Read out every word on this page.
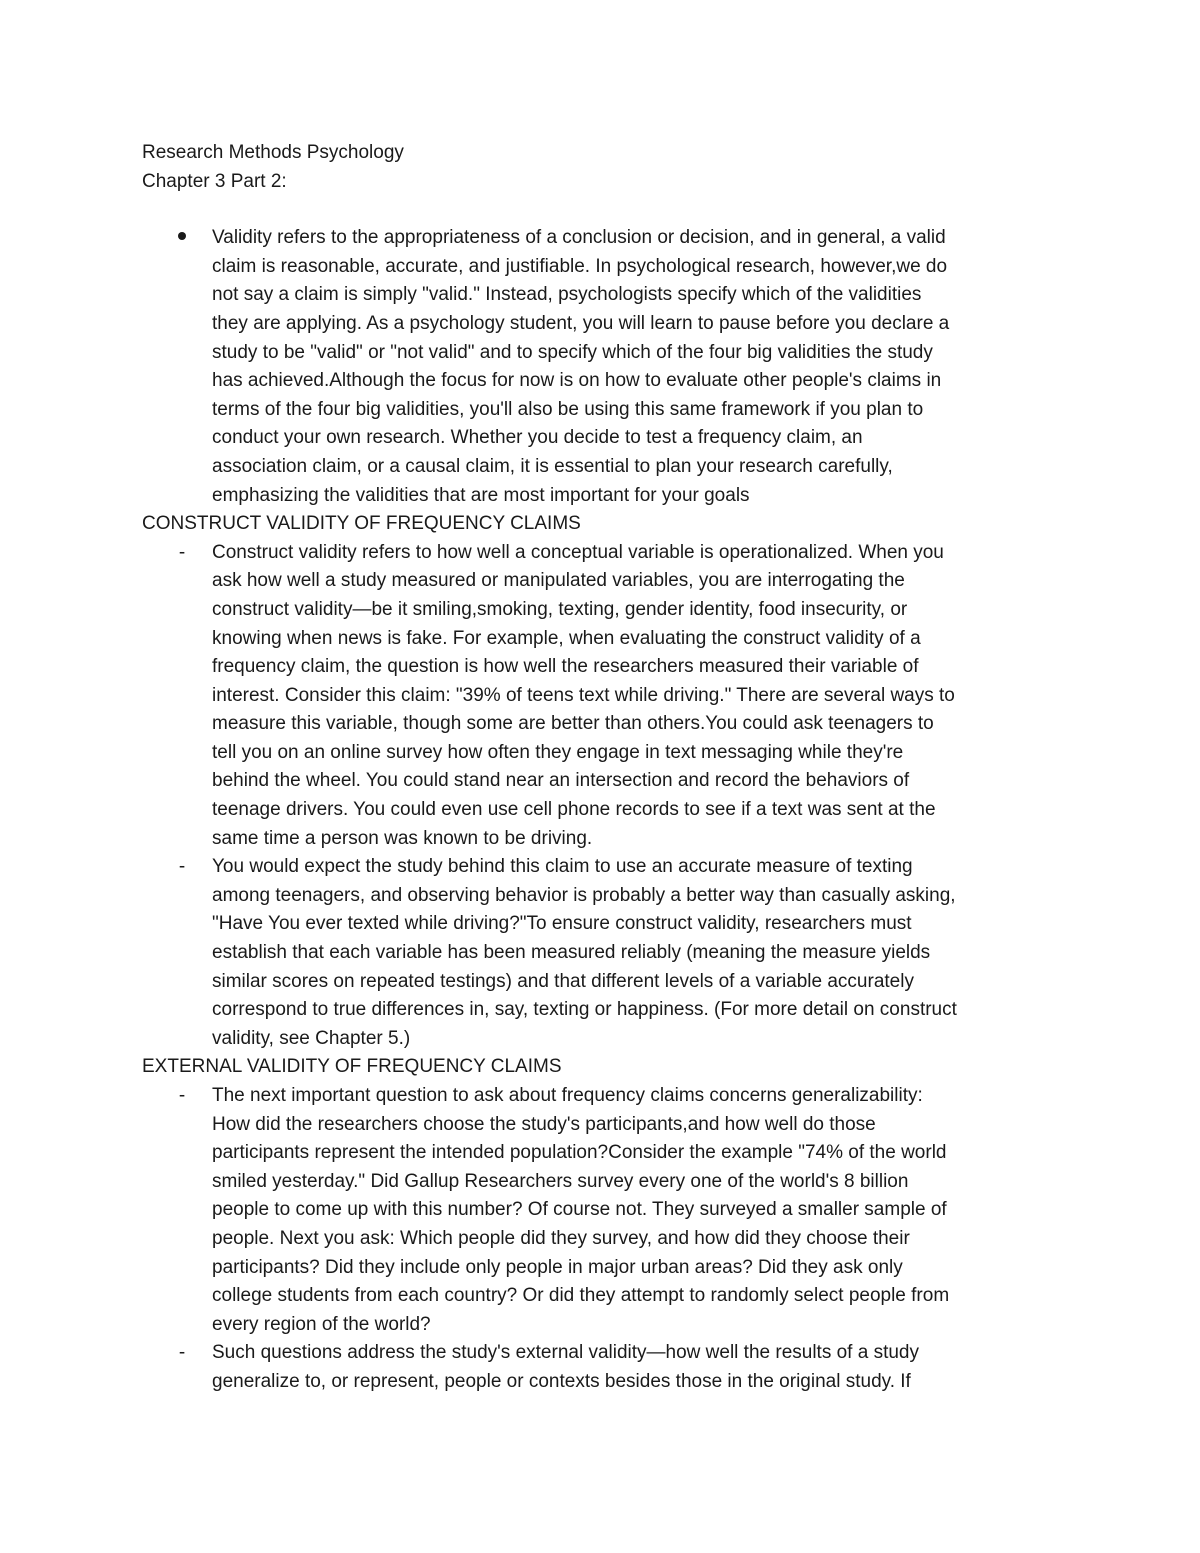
Research Methods Psychology

Chapter 3 Part 2:

Validity refers to the appropriateness of a conclusion or decision, and in general, a valid
claim is reasonable, accurate, and justifiable. In psychological research, however,we do
not say a claim is simply "valid." Instead, psychologists specify which of the validities
they are applying. As a psychology student, you will learn to pause before you declare a
study to be "valid" or "not valid" and to specify which of the four big validities the study
has achieved.Although the focus for now is on how to evaluate other people's claims in
terms of the four big validities, you'll also be using this same framework if you plan to
conduct your own research. Whether you decide to test a frequency claim, an
association claim, or a causal claim, it is essential to plan your research carefully,
emphasizing the validities that are most important for your goals

CONSTRUCT VALIDITY OF FREQUENCY CLAIMS

-	Construct validity refers to how well a conceptual variable is operationalized. When you
ask how well a study measured or manipulated variables, you are interrogating the
construct validity—be it smiling,smoking, texting, gender identity, food insecurity, or
knowing when news is fake. For example, when evaluating the construct validity of a
frequency claim, the question is how well the researchers measured their variable of
interest. Consider this claim: "39% of teens text while driving." There are several ways to
measure this variable, though some are better than others.You could ask teenagers to
tell you on an online survey how often they engage in text messaging while they're
behind the wheel. You could stand near an intersection and record the behaviors of
teenage drivers. You could even use cell phone records to see if a text was sent at the
same time a person was known to be driving.

-	You would expect the study behind this claim to use an accurate measure of texting
among teenagers, and observing behavior is probably a better way than casually asking,
"Have You ever texted while driving?"To ensure construct validity, researchers must
establish that each variable has been measured reliably (meaning the measure yields
similar scores on repeated testings) and that different levels of a variable accurately
correspond to true differences in, say, texting or happiness. (For more detail on construct
validity, see Chapter 5.)

EXTERNAL VALIDITY OF FREQUENCY CLAIMS

-	The next important question to ask about frequency claims concerns generalizability:
How did the researchers choose the study's participants,and how well do those
participants represent the intended population?Consider the example "74% of the world
smiled yesterday." Did Gallup Researchers survey every one of the world's 8 billion
people to come up with this number? Of course not. They surveyed a smaller sample of
people. Next you ask: Which people did they survey, and how did they choose their
participants? Did they include only people in major urban areas? Did they ask only
college students from each country? Or did they attempt to randomly select people from
every region of the world?

-	Such questions address the study's external validity—how well the results of a study
generalize to, or represent, people or contexts besides those in the original study. If
